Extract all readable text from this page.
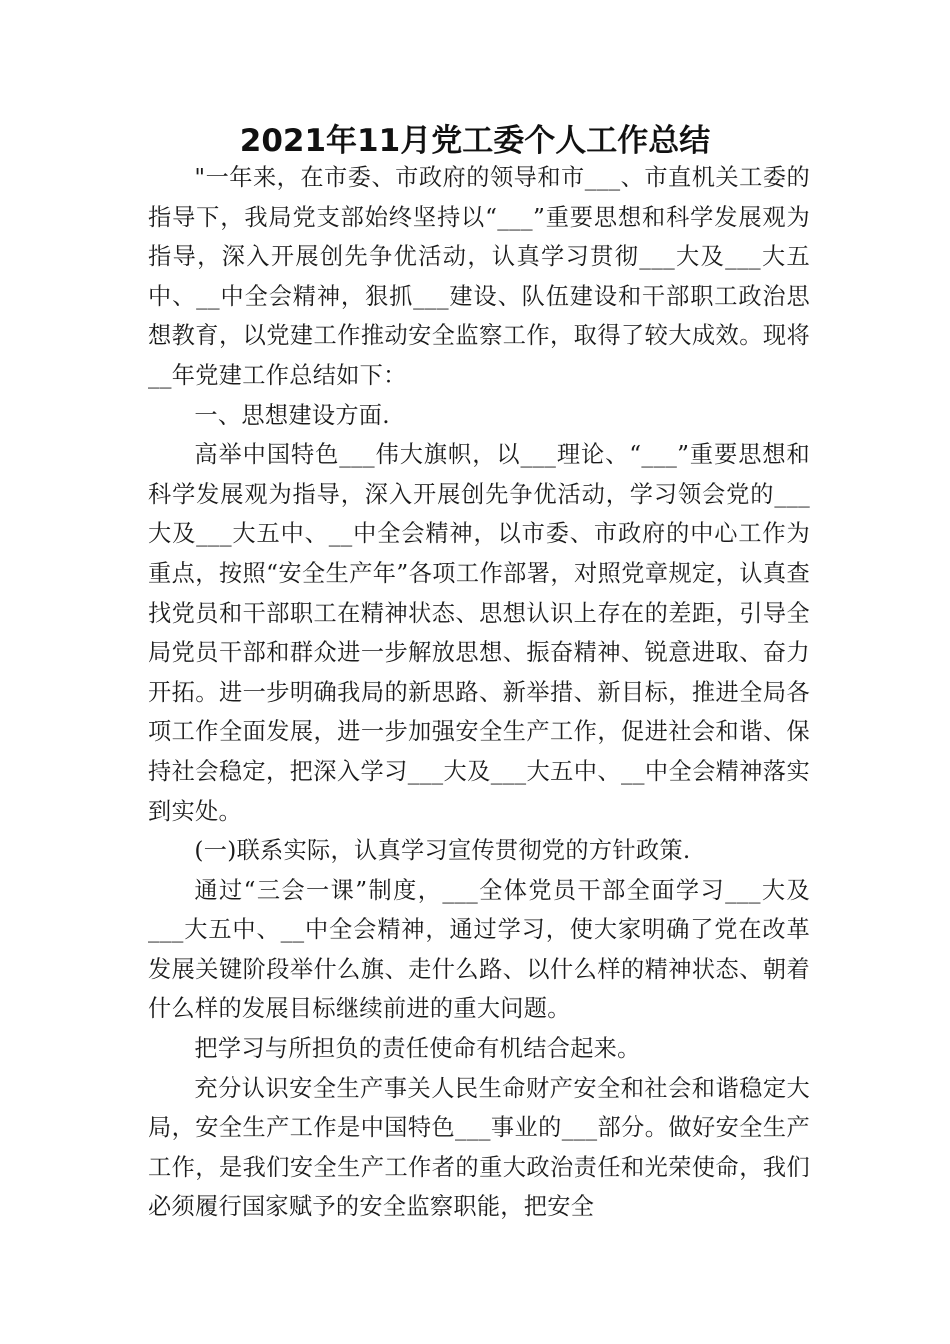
2021年11月党工委个人工作总结

"一年来，在市委、市政府的领导和市___、市直机关工委的指导下，我局党支部始终坚持以“___”重要思想和科学发展观为指导，深入开展创先争优活动，认真学习贯彻___大及___大五中、__中全会精神，狠抓___建设、队伍建设和干部职工政治思想教育，以党建工作推动安全监察工作，取得了较大成效。现将__年党建工作总结如下：

一、思想建设方面.

高举中国特色___伟大旗帜，以___理论、“___”重要思想和科学发展观为指导，深入开展创先争优活动，学习领会党的___大及___大五中、__中全会精神，以市委、市政府的中心工作为重点，按照“安全生产年”各项工作部署，对照党章规定，认真查找党员和干部职工在精神状态、思想认识上存在的差距，引导全局党员干部和群众进一步解放思想、振奋精神、锐意进取、奋力开拓。进一步明确我局的新思路、新举措、新目标，推进全局各项工作全面发展，进一步加强安全生产工作，促进社会和谐、保持社会稳定，把深入学习___大及___大五中、__中全会精神落实到实处。

(一)联系实际，认真学习宣传贯彻党的方针政策.

通过“三会一课”制度，___全体党员干部全面学习___大及___大五中、__中全会精神，通过学习，使大家明确了党在改革发展关键阶段举什么旗、走什么路、以什么样的精神状态、朝着什么样的发展目标继续前进的重大问题。

把学习与所担负的责任使命有机结合起来。

充分认识安全生产事关人民生命财产安全和社会和谐稳定大局，安全生产工作是中国特色___事业的___部分。做好安全生产工作，是我们安全生产工作者的重大政治责任和光荣使命，我们必须履行国家赋予的安全监察职能，把安全
